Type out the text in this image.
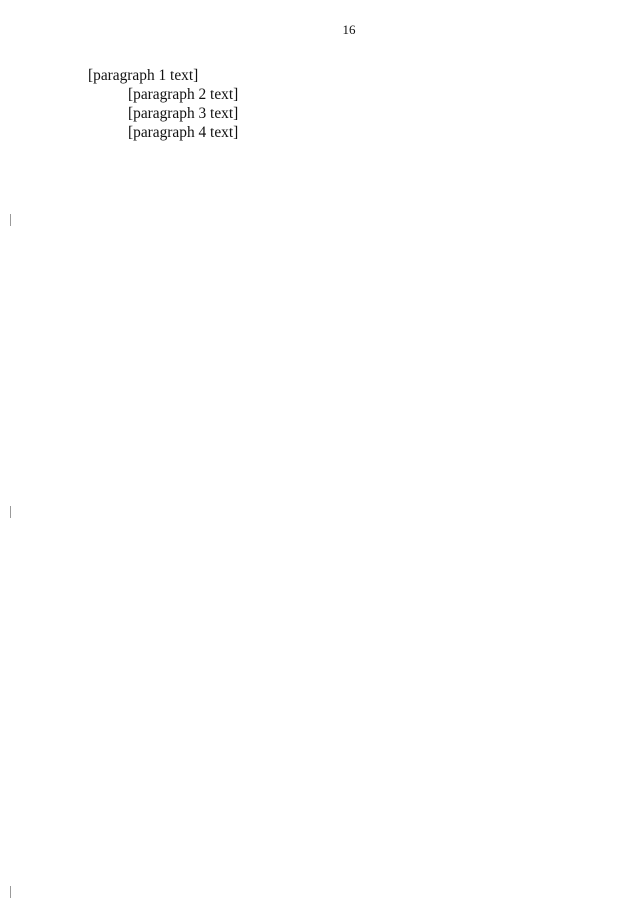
16

[paragraph 1 text]

[paragraph 2 text]

[paragraph 3 text]

[paragraph 4 text]
